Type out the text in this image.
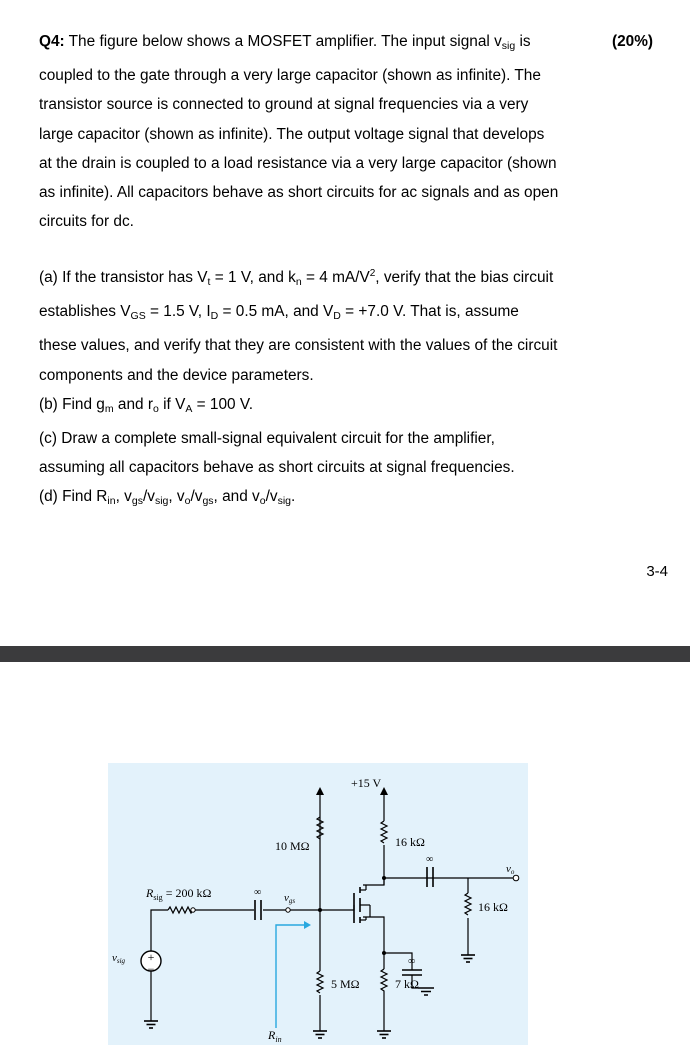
Q4: The figure below shows a MOSFET amplifier. The input signal $v_{sig}$ is

coupled to the gate through a very large capacitor (shown as infinite). The

transistor source is connected to ground at signal frequencies via a very

large capacitor (shown as infinite). The output voltage signal that develops

at the drain is coupled to a load resistance via a very large capacitor (shown

as infinite). All capacitors behave as short circuits for ac signals and as open

circuits for dc.

(20%)

(a) If the transistor has $V_t = 1$ V, and $k_n = 4$ $mA/V^2$, verify that the bias circuit

establishes $V_{GS} = 1.5$ V, $I_D = 0.5$ mA, and $V_D = +7.0$ V. That is, assume

these values, and verify that they are consistent with the values of the circuit

components and the device parameters.

(b) Find $g_m$ and $r_o$ if $V_A = 100$ V.

(c) Draw a complete small-signal equivalent circuit for the amplifier,

assuming all capacitors behave as short circuits at signal frequencies.

(d) Find $R_{in}$, $v_{gs}/v_{sig}$, $v_o/v_{gs}$, and $v_o/v_{sig}$.

3-4
+
−
+15 V
10 MΩ	16 kΩ
16 kΩ
5 MΩ	7 kΩ
∞
∞
∞
$R_{sig} = 200$ kΩ
vsig
vgs
vo
$R_{in}$
